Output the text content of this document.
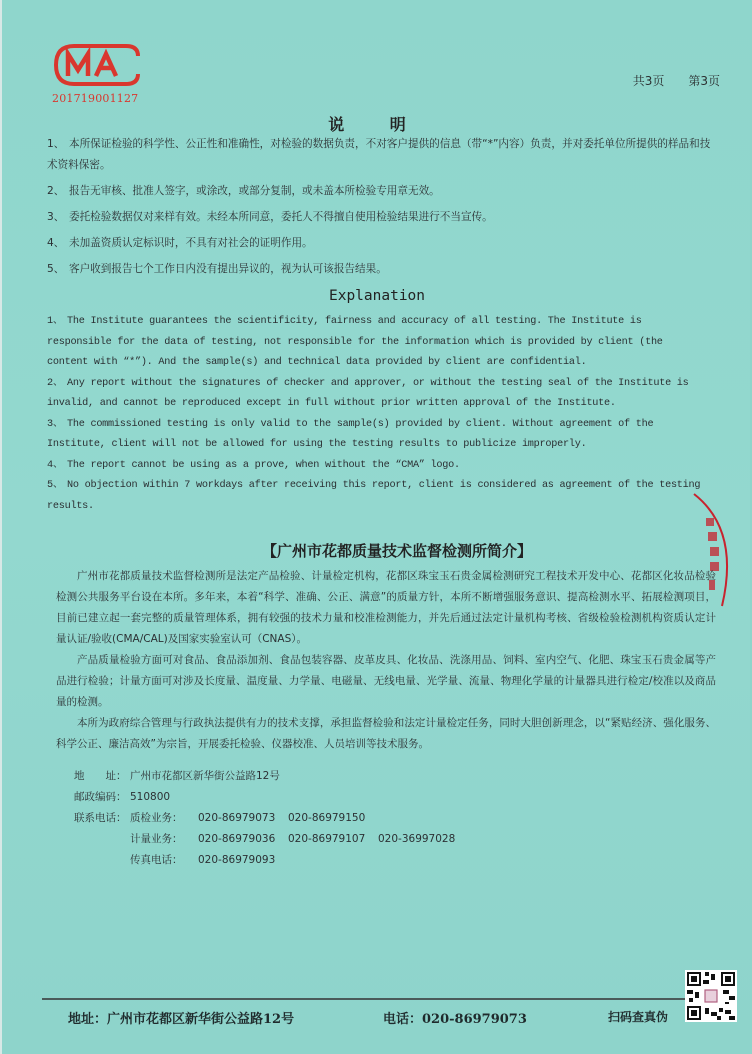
201719001127
共3页 第3页
说 明
1、 本所保证检验的科学性、公正性和准确性，对检验的数据负责，不对客户提供的信息（带“*”内容）负责，并对委托单位所提供的样品和技术资料保密。
2、 报告无审核、批准人签字，或涂改，或部分复制，或未盖本所检验专用章无效。
3、 委托检验数据仅对来样有效。未经本所同意，委托人不得擅自使用检验结果进行不当宣传。
4、 未加盖资质认定标识时，不具有对社会的证明作用。
5、 客户收到报告七个工作日内没有提出异议的，视为认可该报告结果。
Explanation
1、 The Institute guarantees the scientificity, fairness and accuracy of all testing. The Institute is responsible for the data of testing, not responsible for the information which is provided by client (the content with “*”). And the sample(s) and technical data provided by client are confidential.
2、 Any report without the signatures of checker and approver, or without the testing seal of the Institute is invalid, and cannot be reproduced except in full without prior written approval of the Institute.
3、 The commissioned testing is only valid to the sample(s) provided by client. Without agreement of the Institute, client will not be allowed for using the testing results to publicize improperly.
4、 The report cannot be using as a prove, when without the “CMA” logo.
5、 No objection within 7 workdays after receiving this report, client is considered as agreement of the testing results.
【广州市花都质量技术监督检测所简介】

广州市花都质量技术监督检测所是法定产品检验、计量检定机构，花都区珠宝玉石贵金属检测研究工程技术开发中心、花都区化妆品检验检测公共服务平台设在本所。多年来，本着“科学、准确、公正、满意”的质量方针，本所不断增强服务意识、提高检测水平、拓展检测项目，目前已建立起一套完整的质量管理体系，拥有较强的技术力量和校准检测能力，并先后通过法定计量机构考核、省级检验检测机构资质认定计量认证/验收(CMA/CAL)及国家实验室认可（CNAS）。

产品质量检验方面可对食品、食品添加剂、食品包装容器、皮革皮具、化妆品、洗涤用品、饲料、室内空气、化肥、珠宝玉石贵金属等产品进行检验；计量方面可对涉及长度量、温度量、力学量、电磁量、无线电量、光学量、流量、物理化学量的计量器具进行检定/校准以及商品量的检测。

本所为政府综合管理与行政执法提供有力的技术支撑，承担监督检验和法定计量检定任务，同时大胆创新理念，以“紧贴经济、强化服务、科学公正、廉洁高效”为宗旨，开展委托检验、仪器校准、人员培训等技术服务。

地　　址： 广州市花都区新华街公益路12号
邮政编码： 510800
联系电话： 质检业务：	020-86979073	020-86979150
计量业务：	020-86979036	020-86979107	020-36997028
传真电话：	020-86979093
地址：广州市花都区新华街公益路12号	电话：020-86979073	扫码查真伪
